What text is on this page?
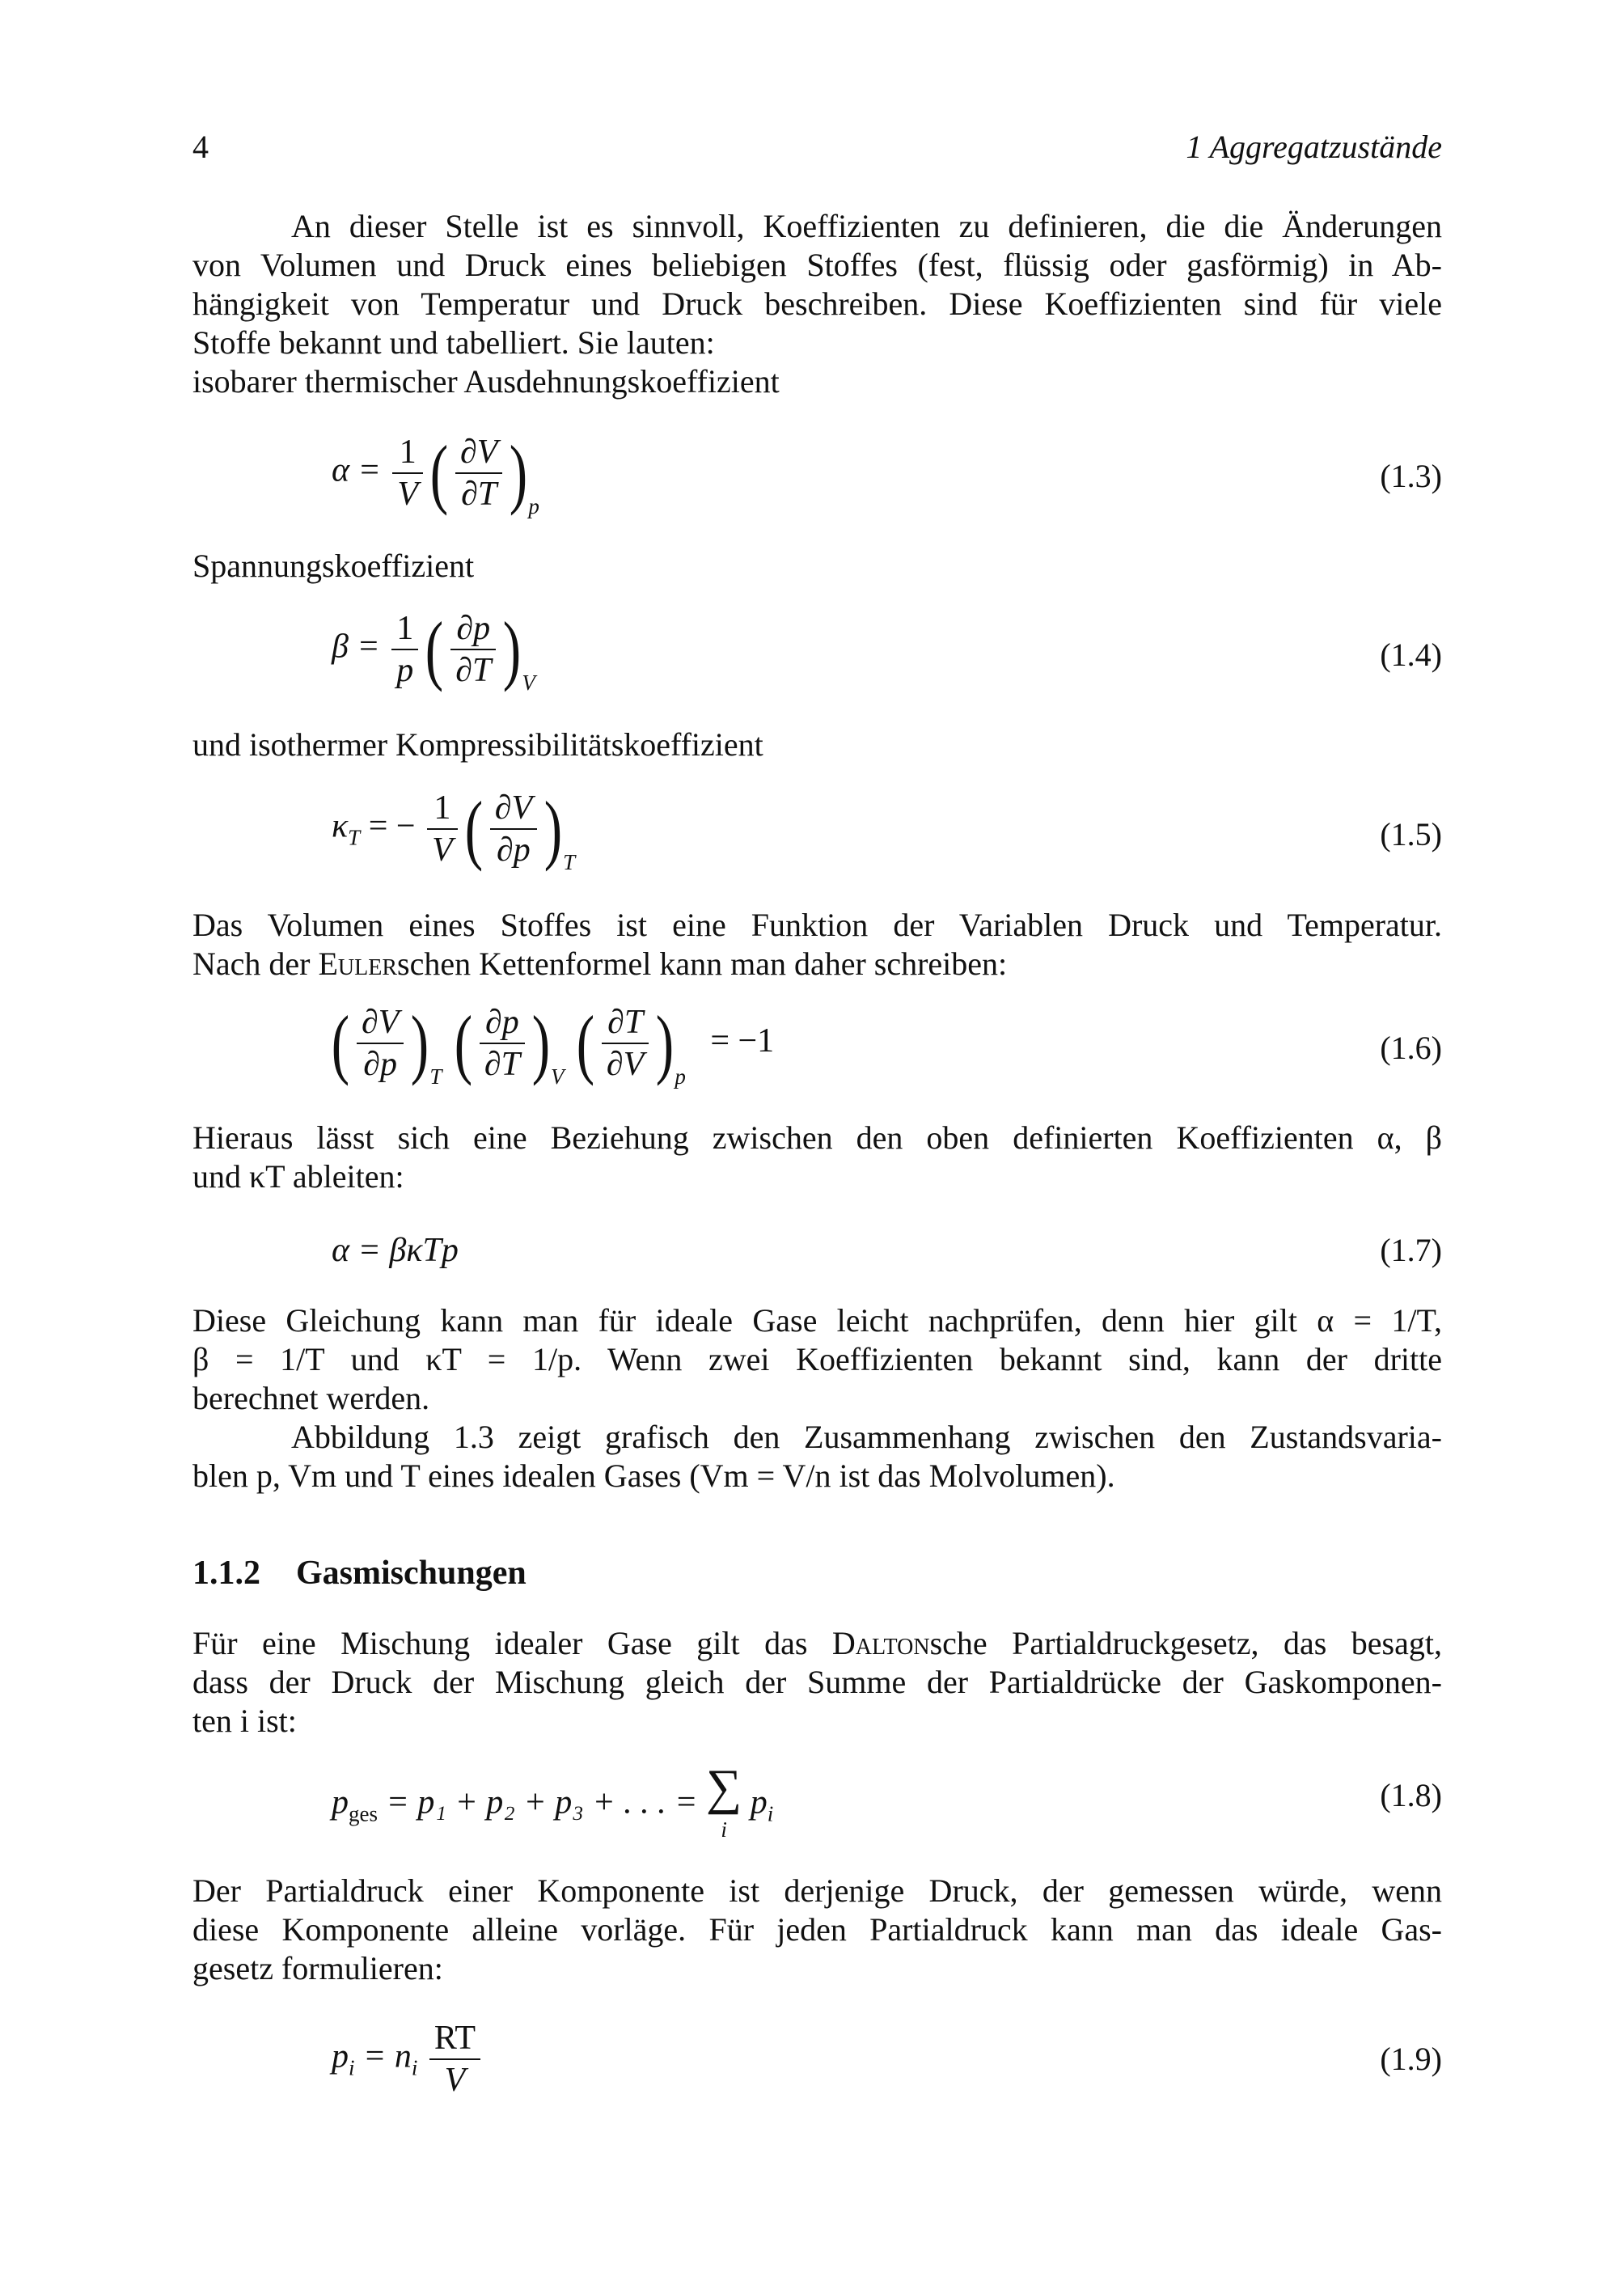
4	1 Aggregatzustände
An dieser Stelle ist es sinnvoll, Koeffizienten zu definieren, die die Änderungen
von Volumen und Druck eines beliebigen Stoffes (fest, flüssig oder gasförmig) in Ab-
hängigkeit von Temperatur und Druck beschreiben. Diese Koeffizienten sind für viele
Stoffe bekannt und tabelliert. Sie lauten:
isobarer thermischer Ausdehnungskoeffizient
$\alpha = \frac{1}{V}$ ( $\frac{\partial V}{\partial T} )_p$
(1.3)
Spannungskoeffizient
$\beta = \frac{1}{p}$ ( $\frac{\partial p}{\partial T} )_V$
(1.4)
und isothermer Kompressibilitätskoeffizient
$\kappa_T$ = − $\frac{1}{V}$ ( $\frac{\partial V}{\partial p} )_T$
(1.5)
Das Volumen eines Stoffes ist eine Funktion der Variablen Druck und Temperatur.
Nach der Eulerschen Kettenformel kann man daher schreiben:
( $\frac{\partial V}{\partial p} )_T$ ( $\frac{\partial p}{\partial T} )_V$ ( $\frac{\partial T}{\partial V} )_p = -1$	(1.6)
Hieraus lässt sich eine Beziehung zwischen den oben definierten Koeffizienten α, β
und κT ableiten:
α = βκTp	(1.7)
Diese Gleichung kann man für ideale Gase leicht nachprüfen, denn hier gilt α = 1/T,
β = 1/T und κT = 1/p. Wenn zwei Koeffizienten bekannt sind, kann der dritte
berechnet werden.
Abbildung 1.3 zeigt grafisch den Zusammenhang zwischen den Zustandsvaria-
blen p, Vm und T eines idealen Gases (Vm = V/n ist das Molvolumen).
1.1.2 Gasmischungen
Für eine Mischung idealer Gase gilt das Daltonsche Partialdruckgesetz, das besagt,
dass der Druck der Mischung gleich der Summe der Partialdrücke der Gaskomponen-
ten i ist:
$p_{ges} = p_1 + p_2 + p_3$ + . . . = ∑
i
$p_i$
(1.8)
Der Partialdruck einer Komponente ist derjenige Druck, der gemessen würde, wenn
diese Komponente alleine vorläge. Für jeden Partialdruck kann man das ideale Gas-
gesetz formulieren:
$p_i = n_i \frac{RT}{V}$	(1.9)
